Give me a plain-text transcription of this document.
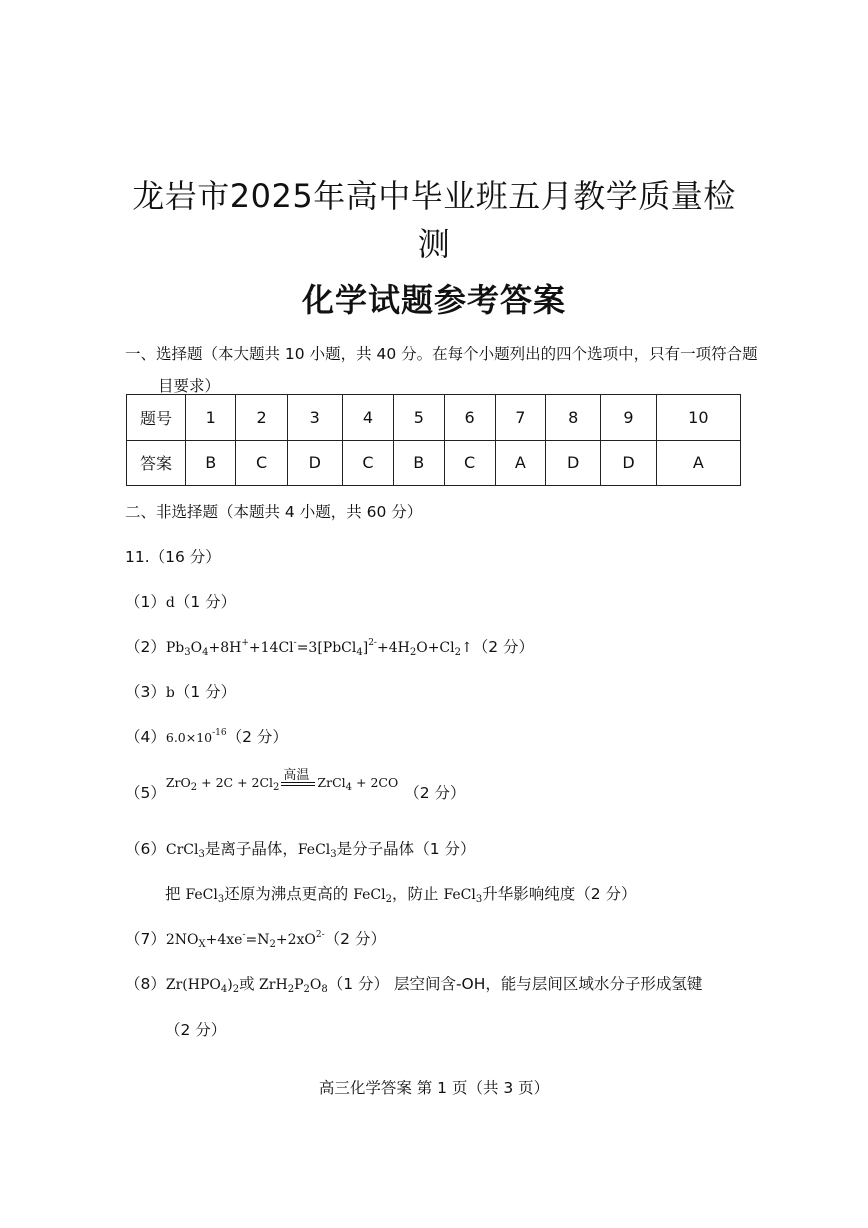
龙岩市2025年高中毕业班五月教学质量检
测
化学试题参考答案
一、选择题（本大题共 10 小题，共 40 分。在每个小题列出的四个选项中，只有一项符合题
目要求）
题号	1	2	3	4	5	6	7	8	9	10
答案	B	C	D	C	B	C	A	D	D	A
二、非选择题（本题共 4 小题，共 60 分）
11.（16 分）
（1）d（1 分）
$(2)Pb_3O_4+8H^++14Cl^-=3[PbCl_4]^{2-}+4H_2O+Cl_2↑(2$ 分）
（3）b（1 分）
$(4)6.0\times 10^{-16}(2$ 分）
$(5)^{ZrO_2 + 2C + 2Cl_2 高温 ZrCl_4 + 2CO}(2$ 分）
（6）CrCl$_3$是离子晶体，FeCl$_3$是分子晶体（1 分）
把 FeCl$_3$还原为沸点更高的 FeCl$_2$，防止 FeCl$_3$升华影响纯度（2 分）
$(7)2NO_X+4xe^-=N_2+2xO^{2-}(2$ 分）
$(8)Zr(HPO_4)_2$或 $ZrH_2P_2O_8(1$ 分） 层空间含-OH，能与层间区域水分子形成氢键
（2 分）
高三化学答案 第 1 页（共 3 页）
